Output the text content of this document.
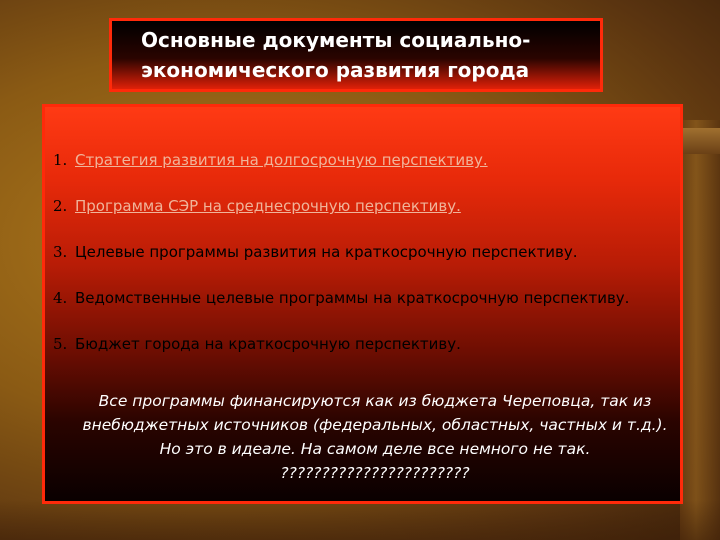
Основные документы социально-
экономического развития города
1. Стратегия развития на долгосрочную перспективу.
2. Программа СЭР на среднесрочную перспективу.
3. Целевые программы развития на краткосрочную перспективу.
4. Ведомственные целевые программы на краткосрочную перспективу.
5. Бюджет города на краткосрочную перспективу.
Все программы финансируются как из бюджета Череповца, так из
внебюджетных источников (федеральных, областных, частных и т.д.).
Но это в идеале. На самом деле все немного не так.
???????????????????????
